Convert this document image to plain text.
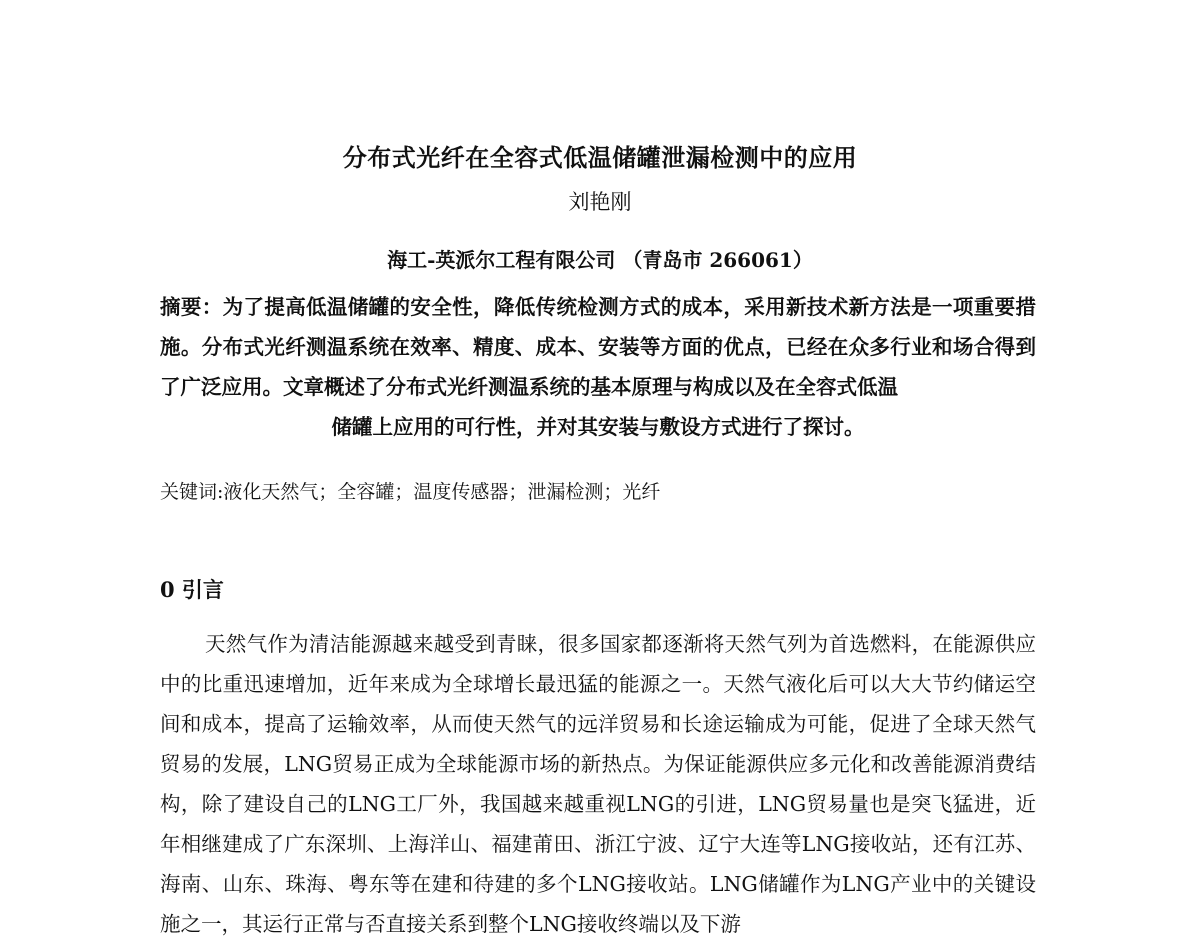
分布式光纤在全容式低温储罐泄漏检测中的应用
刘艳刚
海工-英派尔工程有限公司 （青岛市 266061）
摘要：为了提高低温储罐的安全性，降低传统检测方式的成本，采用新技术新方法是一项重要措施。分布式光纤测温系统在效率、精度、成本、安装等方面的优点，已经在众多行业和场合得到了广泛应用。文章概述了分布式光纤测温系统的基本原理与构成以及在全容式低温
储罐上应用的可行性，并对其安装与敷设方式进行了探讨。
关键词:液化天然气；全容罐；温度传感器；泄漏检测；光纤
0 引言
天然气作为清洁能源越来越受到青睐，很多国家都逐渐将天然气列为首选燃料，在能源供应中的比重迅速增加，近年来成为全球增长最迅猛的能源之一。天然气液化后可以大大节约储运空间和成本，提高了运输效率，从而使天然气的远洋贸易和长途运输成为可能，促进了全球天然气贸易的发展，LNG贸易正成为全球能源市场的新热点。为保证能源供应多元化和改善能源消费结构，除了建设自己的LNG工厂外，我国越来越重视LNG的引进，LNG贸易量也是突飞猛进，近年相继建成了广东深圳、上海洋山、福建莆田、浙江宁波、辽宁大连等LNG接收站，还有江苏、海南、山东、珠海、粤东等在建和待建的多个LNG接收站。LNG储罐作为LNG产业中的关键设施之一，其运行正常与否直接关系到整个LNG接收终端以及下游
